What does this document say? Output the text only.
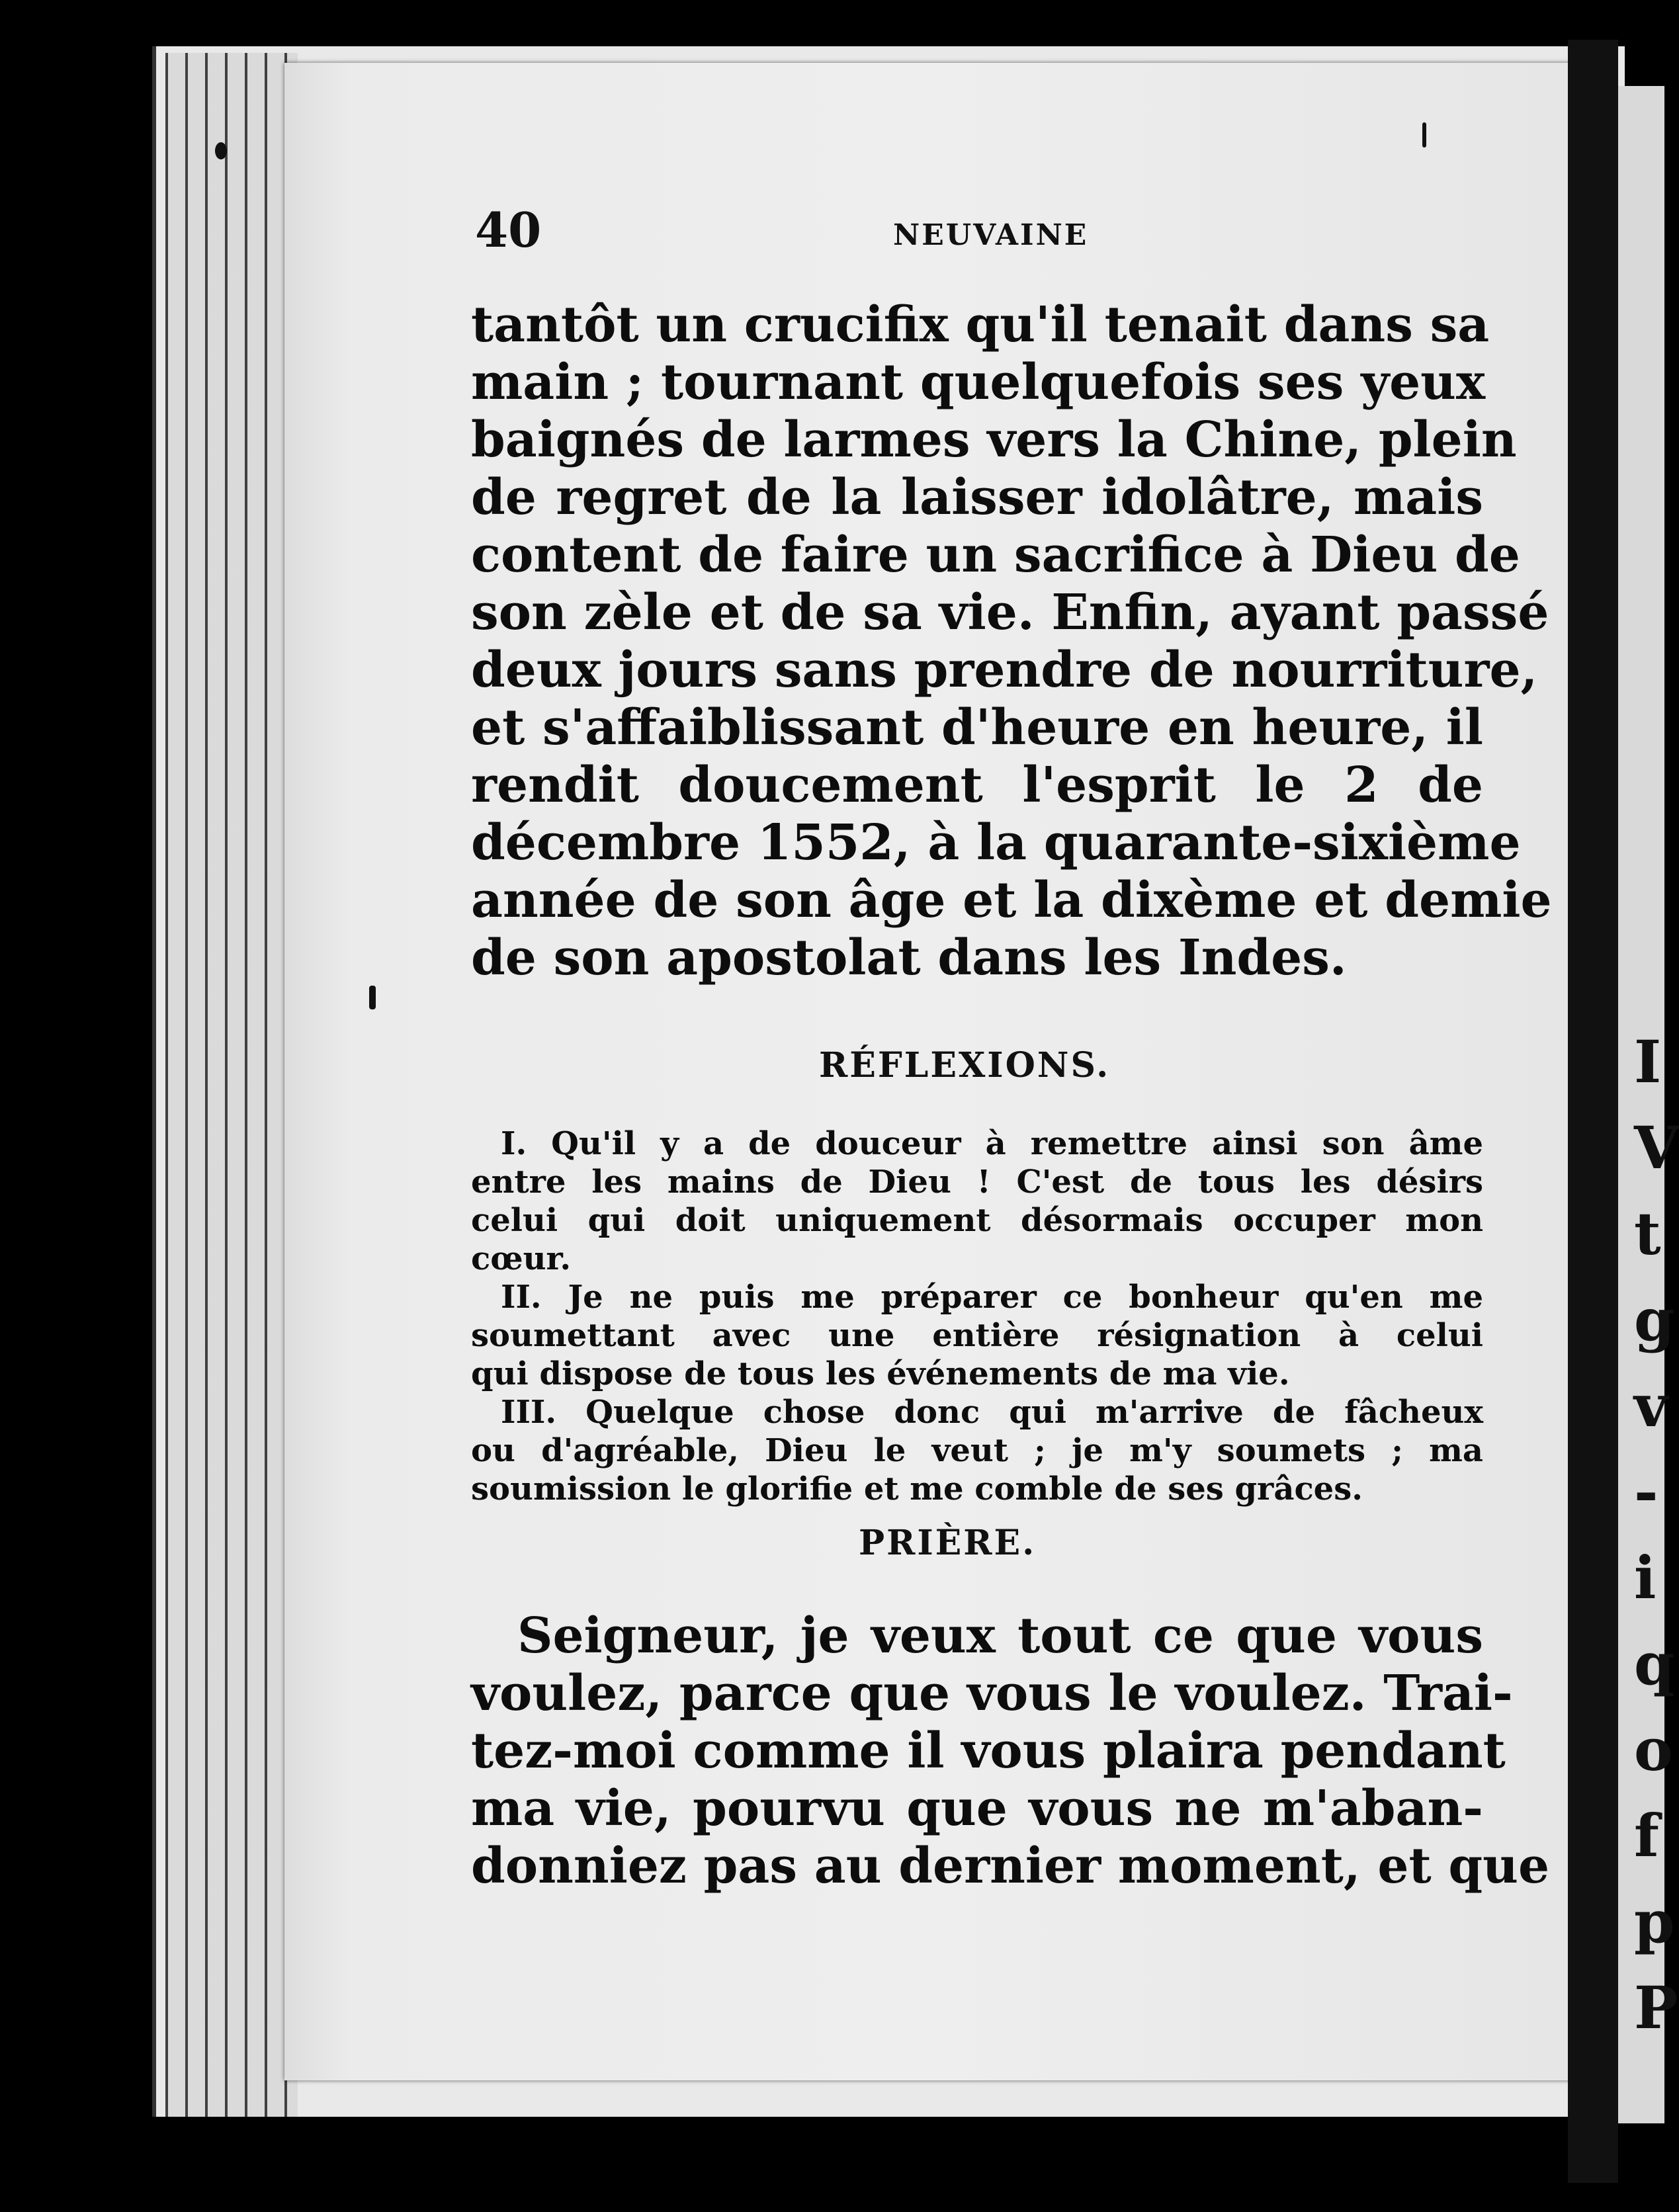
I
V
t
g
v
-
i
q
o
f
p
P
40	NEUVAINE
tantôt un crucifix qu'il tenait dans sa
main ; tournant quelquefois ses yeux
baignés de larmes vers la Chine, plein
de regret de la laisser idolâtre, mais
content de faire un sacrifice à Dieu de
son zèle et de sa vie. Enfin, ayant passé
deux jours sans prendre de nourriture,
et s'affaiblissant d'heure en heure, il
rendit doucement l'esprit le 2 de
décembre 1552, à la quarante-sixième
année de son âge et la dixème et demie
de son apostolat dans les Indes.
RÉFLEXIONS.
I. Qu'il y a de douceur à remettre ainsi son âme
entre les mains de Dieu ! C'est de tous les désirs
celui qui doit uniquement désormais occuper mon
cœur.
II. Je ne puis me préparer ce bonheur qu'en me
soumettant avec une entière résignation à celui
qui dispose de tous les événements de ma vie.
III. Quelque chose donc qui m'arrive de fâcheux
ou d'agréable, Dieu le veut ; je m'y soumets ; ma
soumission le glorifie et me comble de ses grâces.
PRIÈRE.
Seigneur, je veux tout ce que vous
voulez, parce que vous le voulez. Trai-
tez-moi comme il vous plaira pendant
ma vie, pourvu que vous ne m'aban-
donniez pas au dernier moment, et que
